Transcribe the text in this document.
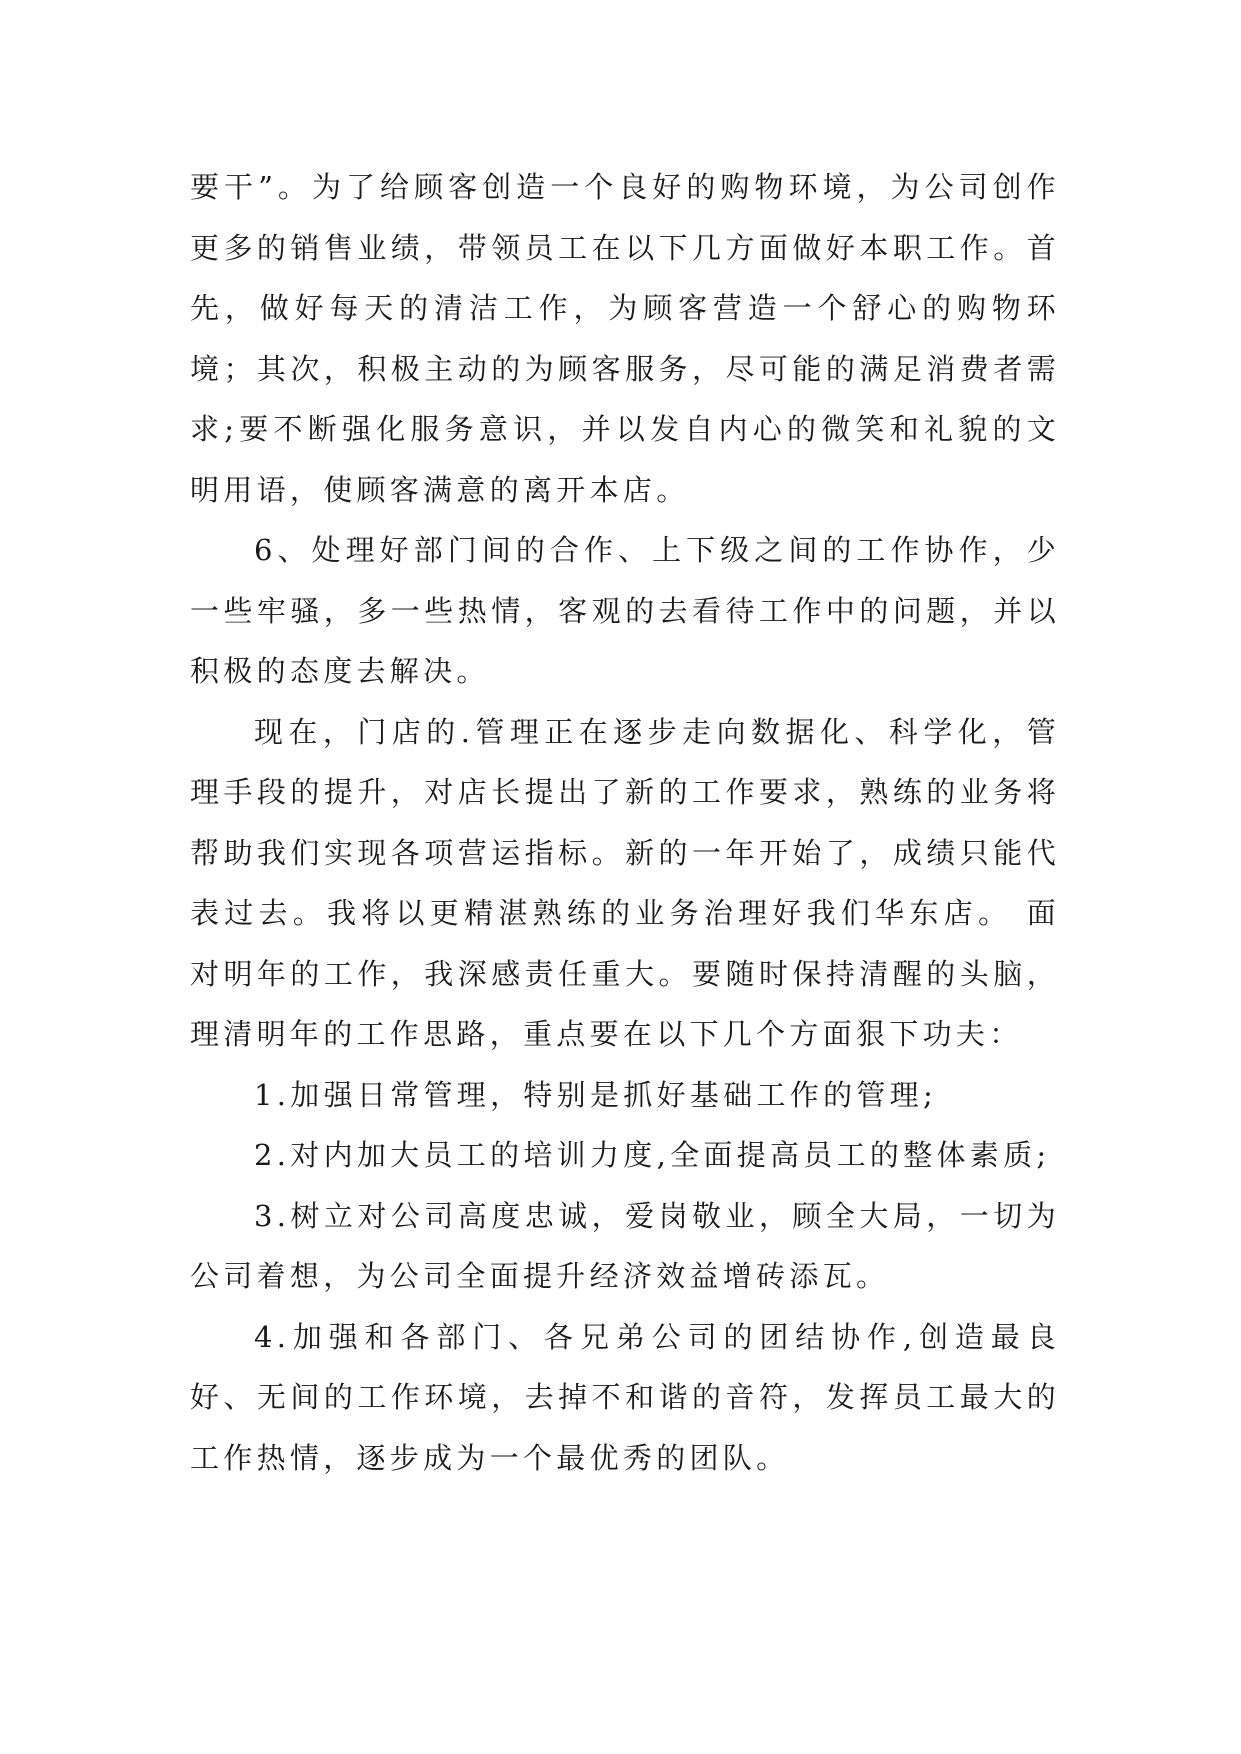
要干”。为了给顾客创造一个良好的购物环境，为公司创作更多的销售业绩，带领员工在以下几方面做好本职工作。首先，做好每天的清洁工作，为顾客营造一个舒心的购物环境；其次，积极主动的为顾客服务，尽可能的满足消费者需求;要不断强化服务意识，并以发自内心的微笑和礼貌的文明用语，使顾客满意的离开本店。

6、处理好部门间的合作、上下级之间的工作协作，少一些牢骚，多一些热情，客观的去看待工作中的问题，并以积极的态度去解决。

现在，门店的.管理正在逐步走向数据化、科学化，管理手段的提升，对店长提出了新的工作要求，熟练的业务将帮助我们实现各项营运指标。新的一年开始了，成绩只能代表过去。我将以更精湛熟练的业务治理好我们华东店。 面对明年的工作，我深感责任重大。要随时保持清醒的头脑，理清明年的工作思路，重点要在以下几个方面狠下功夫：

1.加强日常管理，特别是抓好基础工作的管理;

2.对内加大员工的培训力度,全面提高员工的整体素质;

3.树立对公司高度忠诚，爱岗敬业，顾全大局，一切为公司着想，为公司全面提升经济效益增砖添瓦。

4.加强和各部门、各兄弟公司的团结协作,创造最良好、无间的工作环境，去掉不和谐的音符，发挥员工最大的工作热情，逐步成为一个最优秀的团队。
